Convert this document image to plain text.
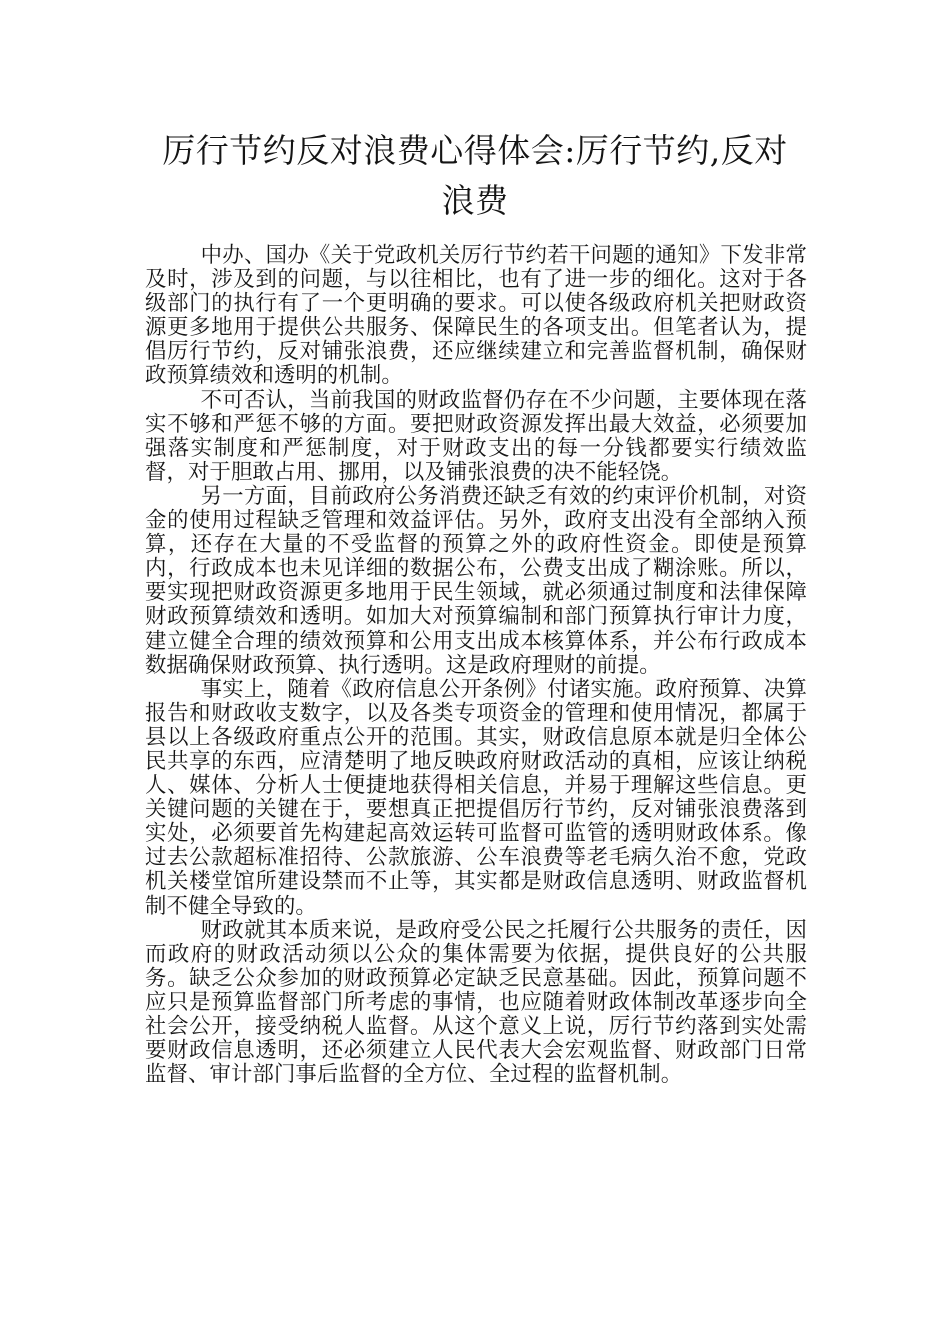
厉行节约反对浪费心得体会:厉行节约,反对浪费

中办、国办《关于党政机关厉行节约若干问题的通知》下发非常及时，涉及到的问题，与以往相比，也有了进一步的细化。这对于各级部门的执行有了一个更明确的要求。可以使各级政府机关把财政资源更多地用于提供公共服务、保障民生的各项支出。但笔者认为，提倡厉行节约，反对铺张浪费，还应继续建立和完善监督机制，确保财政预算绩效和透明的机制。

不可否认，当前我国的财政监督仍存在不少问题，主要体现在落实不够和严惩不够的方面。要把财政资源发挥出最大效益，必须要加强落实制度和严惩制度，对于财政支出的每一分钱都要实行绩效监督，对于胆敢占用、挪用，以及铺张浪费的决不能轻饶。

另一方面，目前政府公务消费还缺乏有效的约束评价机制，对资金的使用过程缺乏管理和效益评估。另外，政府支出没有全部纳入预算，还存在大量的不受监督的预算之外的政府性资金。即使是预算内，行政成本也未见详细的数据公布，公费支出成了糊涂账。所以，要实现把财政资源更多地用于民生领域，就必须通过制度和法律保障财政预算绩效和透明。如加大对预算编制和部门预算执行审计力度，建立健全合理的绩效预算和公用支出成本核算体系，并公布行政成本数据确保财政预算、执行透明。这是政府理财的前提。

事实上，随着《政府信息公开条例》付诸实施。政府预算、决算报告和财政收支数字，以及各类专项资金的管理和使用情况，都属于县以上各级政府重点公开的范围。其实，财政信息原本就是归全体公民共享的东西，应清楚明了地反映政府财政活动的真相，应该让纳税人、媒体、分析人士便捷地获得相关信息，并易于理解这些信息。更关键问题的关键在于，要想真正把提倡厉行节约，反对铺张浪费落到实处，必须要首先构建起高效运转可监督可监管的透明财政体系。像过去公款超标准招待、公款旅游、公车浪费等老毛病久治不愈，党政机关楼堂馆所建设禁而不止等，其实都是财政信息透明、财政监督机制不健全导致的。

财政就其本质来说，是政府受公民之托履行公共服务的责任，因而政府的财政活动须以公众的集体需要为依据，提供良好的公共服务。缺乏公众参加的财政预算必定缺乏民意基础。因此，预算问题不应只是预算监督部门所考虑的事情，也应随着财政体制改革逐步向全社会公开，接受纳税人监督。从这个意义上说，厉行节约落到实处需要财政信息透明，还必须建立人民代表大会宏观监督、财政部门日常监督、审计部门事后监督的全方位、全过程的监督机制。
